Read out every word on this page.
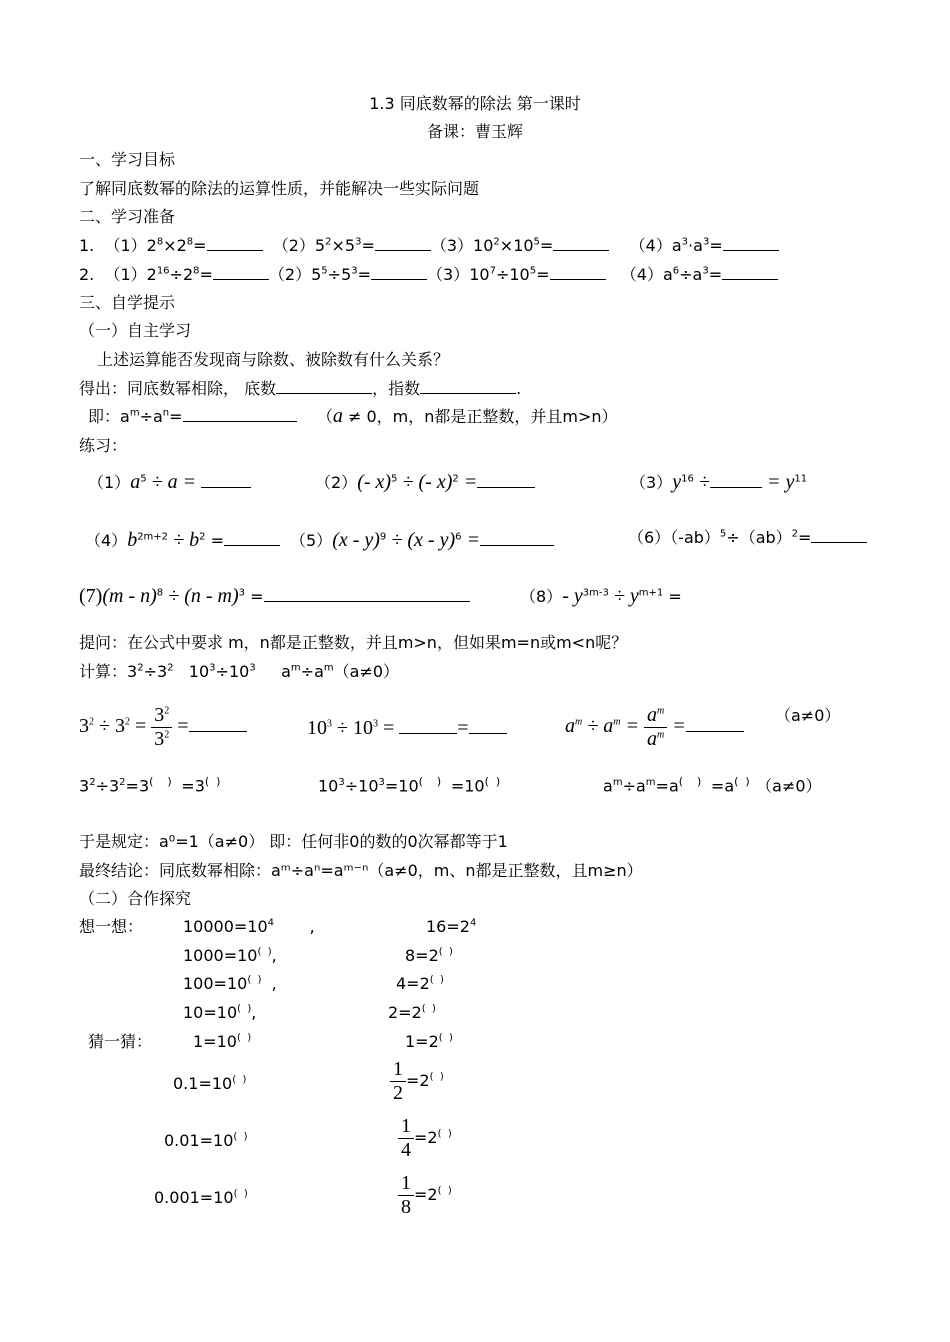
1.3 同底数幂的除法 第一课时
备课：曹玉辉
一、学习目标
了解同底数幂的除法的运算性质，并能解决一些实际问题
二、学习准备
1.  $(1)2^8\times 2^8=$	$(2)5^2\times 5^3=$	$(3)10^2\times 10^5=$	$(4)a^3\cdot a^3=$
2.  $(1)2^{16}\div 2^8=$	$(2)5^5\div 5^3=$	$(3)10^7\div 10^5=$	$(4)a^6\div a^3=$
三、自学提示
（一）自主学习
上述运算能否发现商与除数、被除数有什么关系？
得出：同底数幂相除， 底数	，指数	.
即：$a^m\div a^n=$	（a ≠ 0，m，n都是正整数，并且m>n）
练习：
$(1)a^5 \div a$ =	（2）(- x)$^5$ ÷ (- x)$^2$ =	$(3)y^{16}$ ÷	= $y^{11}$
$(4)b^{2m+2} \div b^2$ =	（5）(x - y)$^9$ ÷ (x - y)$^6$ =	$(6)(-ab)^5\div(ab)^2=$
(7)(m - n)$^8$ ÷ (n - m)$^3$ =	（8）- $y^{3m-3} \div y^{m+1}$ =
提问：在公式中要求 m，n都是正整数，并且m>n，但如果m=n或m<n呢？
计算：$3^2\div 3^2$   $10^3\div 10^3$     $a^m\div a^m(a\ne 0)$
$3^2 \div 3^2 = \frac{3^2}{3^2}$ =	$10^3 \div 10^3$ =	=	$a^m \div a^m = \frac{a^m}{a^m}$ =	（a≠0）
$3^2\div 3^2=3$(    )  =3(  )	$10^3\div 10^3=10$(    )  =10(  )	$a^m\div a^m=a$(    )  =a(  ) （a≠0）
于是规定：a⁰=1（a≠0） 即：任何非0的数的0次幂都等于1
最终结论：同底数幂相除：aᵐ÷aⁿ=aᵐ⁻ⁿ（a≠0，m、n都是正整数，且m≥n）
（二）合作探究
想一想： $10000=10^4$       ,	$16=2^4$
1000=10(  ),	8=2(  )
100=10(  )  ,	4=2(  )
10=10(  ),	2=2(  )
猜一猜：	1=10(  )	1=2(  )
0.1=10(  )	$\frac{1}{2} =2^{( )}$
0.01=10(  )	$\frac{1}{4} =2^{( )}$
0.001=10(  )	$\frac{1}{8} =2^{( )}$
